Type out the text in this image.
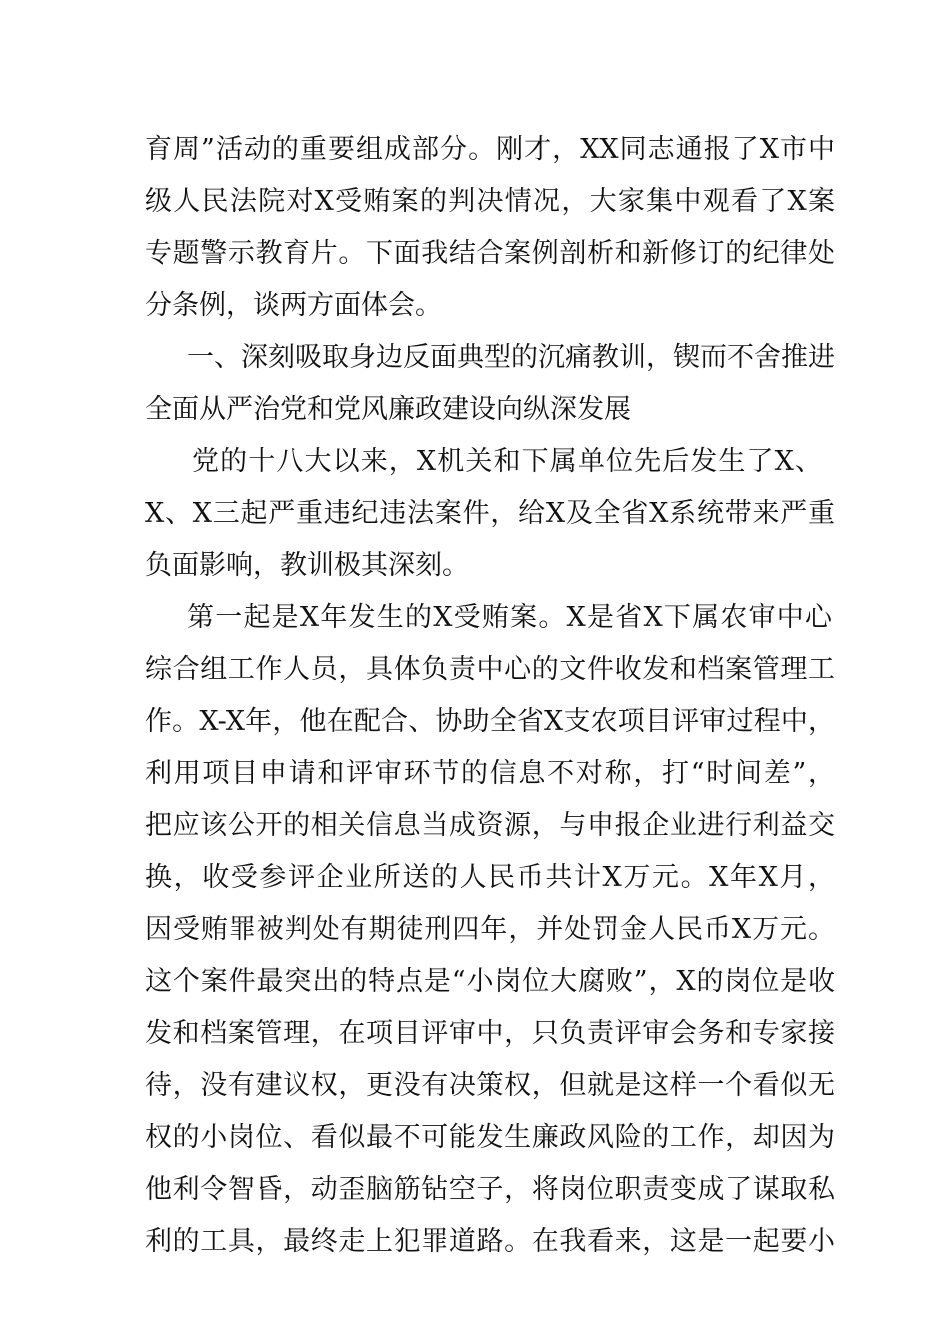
育周”活动的重要组成部分。刚才，XX同志通报了X市中
级人民法院对X受贿案的判决情况，大家集中观看了X案
专题警示教育片。下面我结合案例剖析和新修订的纪律处
分条例，谈两方面体会。
一、深刻吸取身边反面典型的沉痛教训，锲而不舍推进
全面从严治党和党风廉政建设向纵深发展
党的十八大以来，X机关和下属单位先后发生了X、
X、X三起严重违纪违法案件，给X及全省X系统带来严重
负面影响，教训极其深刻。
第一起是X年发生的X受贿案。X是省X下属农审中心
综合组工作人员，具体负责中心的文件收发和档案管理工
作。X-X年，他在配合、协助全省X支农项目评审过程中，
利用项目申请和评审环节的信息不对称，打“时间差”，
把应该公开的相关信息当成资源，与申报企业进行利益交
换，收受参评企业所送的人民币共计X万元。X年X月，
因受贿罪被判处有期徒刑四年，并处罚金人民币X万元。
这个案件最突出的特点是“小岗位大腐败”，X的岗位是收
发和档案管理，在项目评审中，只负责评审会务和专家接
待，没有建议权，更没有决策权，但就是这样一个看似无
权的小岗位、看似最不可能发生廉政风险的工作，却因为
他利令智昏，动歪脑筋钻空子，将岗位职责变成了谋取私
利的工具，最终走上犯罪道路。在我看来，这是一起要小
